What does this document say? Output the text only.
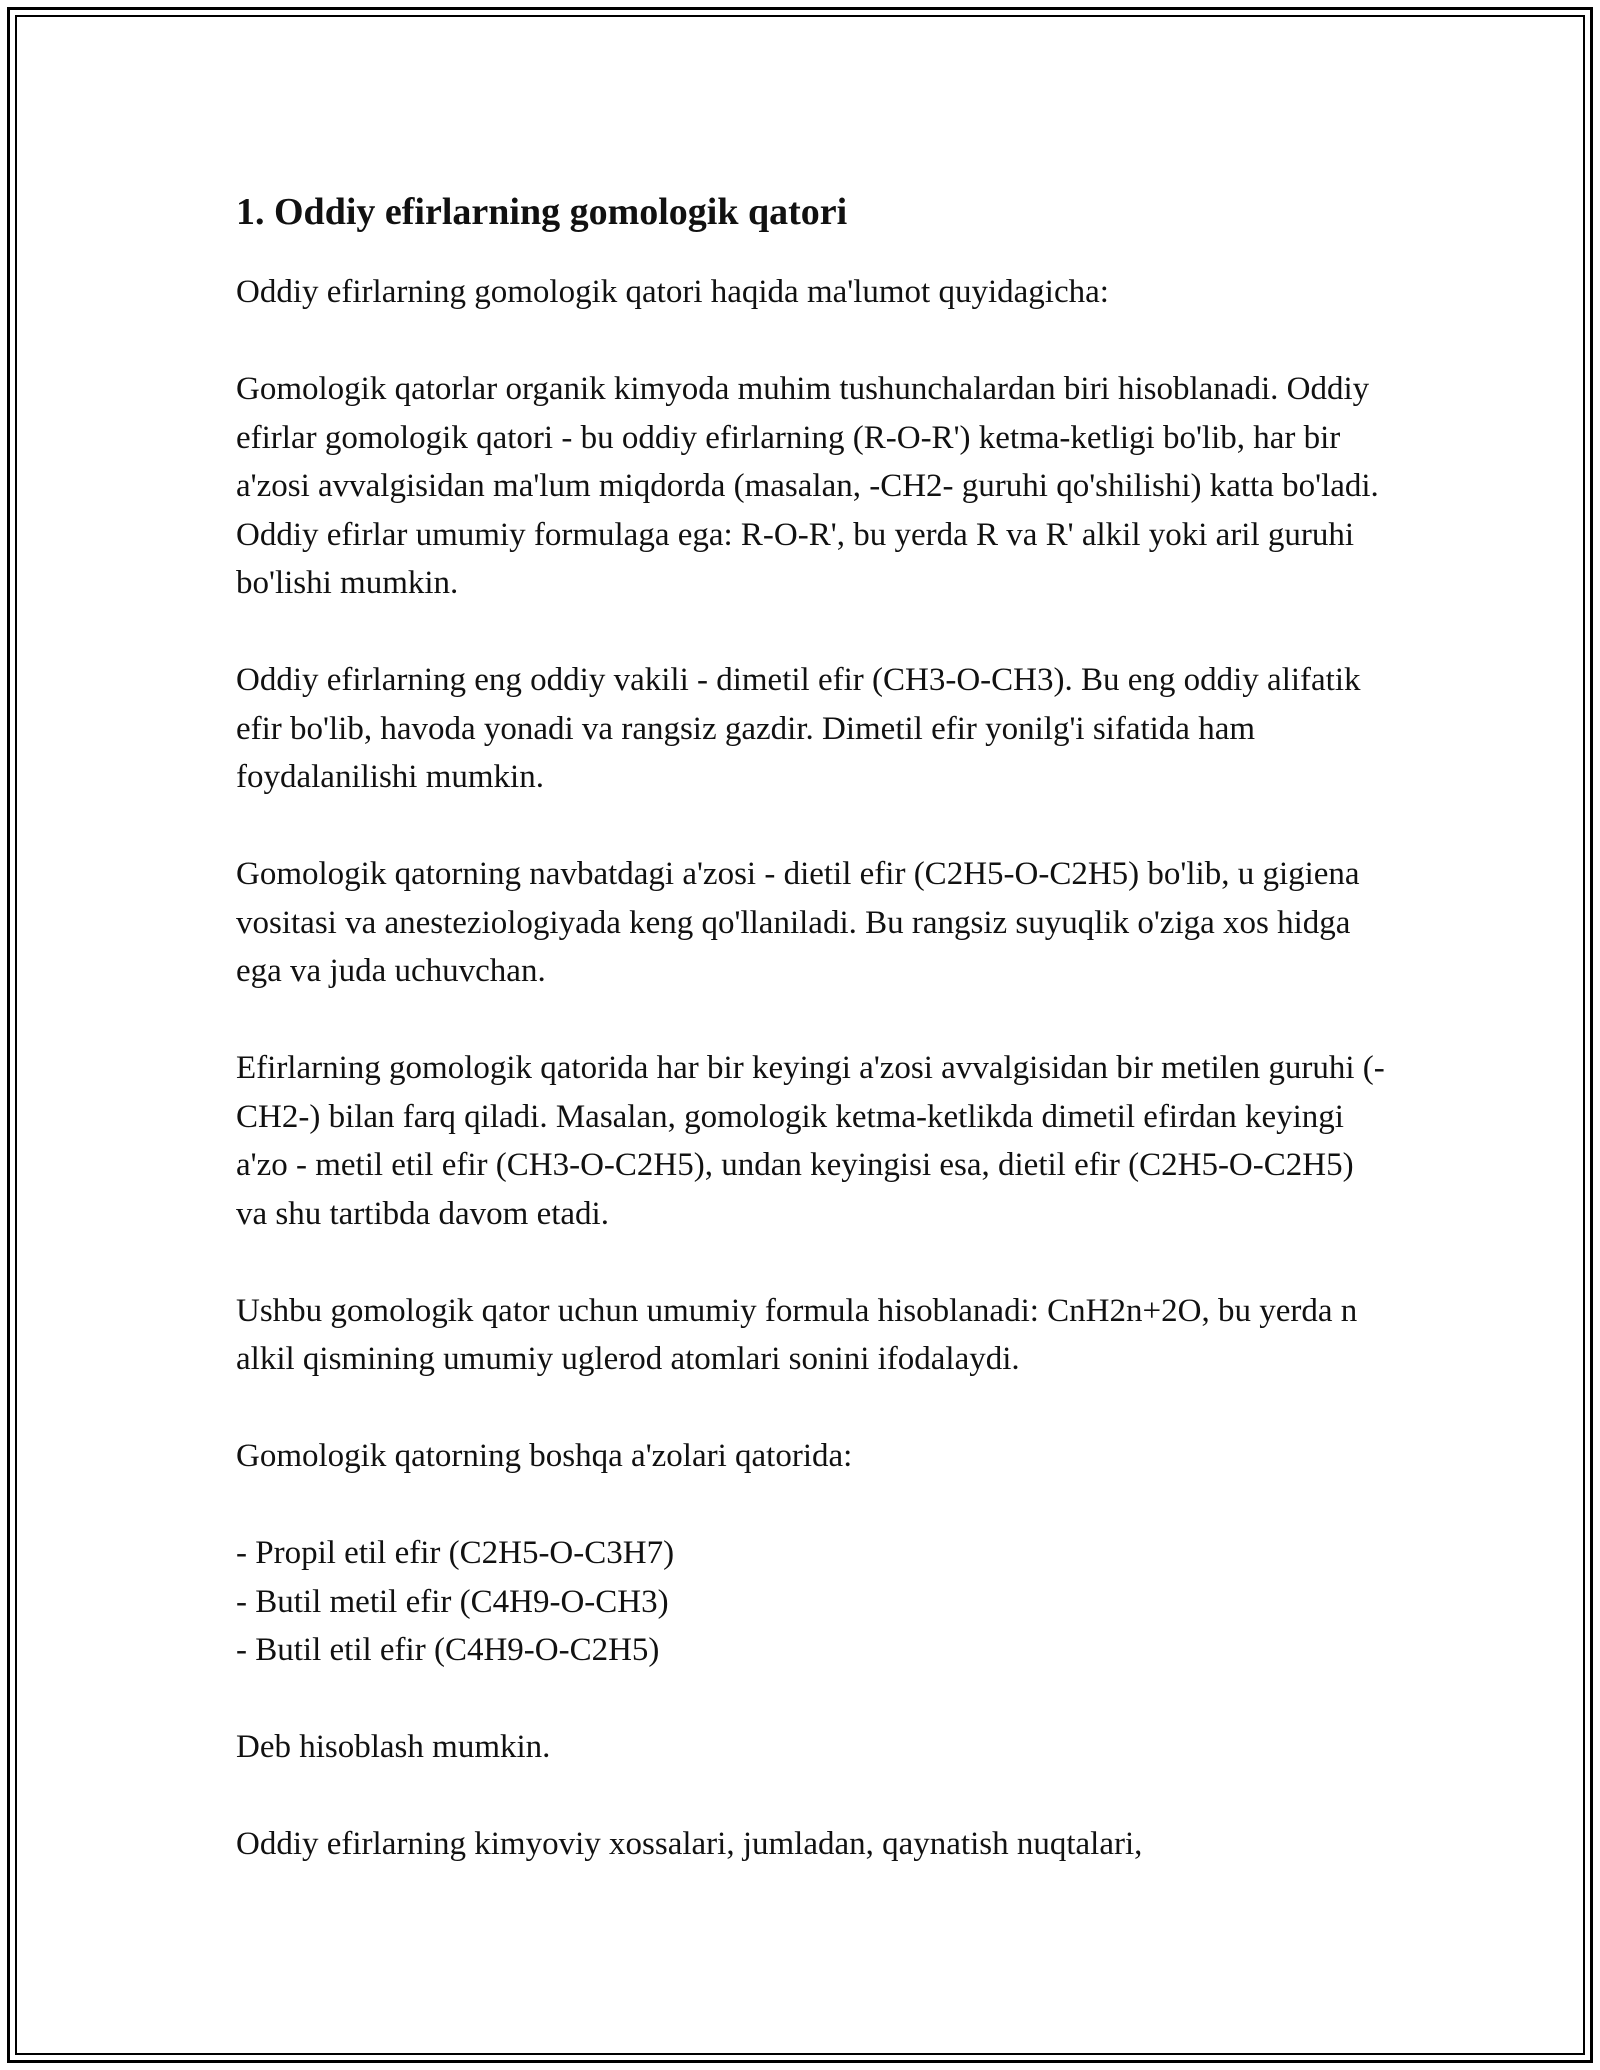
1. Oddiy efirlarning gomologik qatori

Oddiy efirlarning gomologik qatori haqida ma'lumot quyidagicha:

Gomologik qatorlar organik kimyoda muhim tushunchalardan biri hisoblanadi. Oddiy efirlar gomologik qatori - bu oddiy efirlarning (R-O-R') ketma-ketligi bo'lib, har bir a'zosi avvalgisidan ma'lum miqdorda (masalan, -CH2- guruhi qo'shilishi) katta bo'ladi. Oddiy efirlar umumiy formulaga ega: R-O-R', bu yerda R va R' alkil yoki aril guruhi bo'lishi mumkin.

Oddiy efirlarning eng oddiy vakili - dimetil efir (CH3-O-CH3). Bu eng oddiy alifatik efir bo'lib, havoda yonadi va rangsiz gazdir. Dimetil efir yonilg'i sifatida ham foydalanilishi mumkin.

Gomologik qatorning navbatdagi a'zosi - dietil efir (C2H5-O-C2H5) bo'lib, u gigiena vositasi va anesteziologiyada keng qo'llaniladi. Bu rangsiz suyuqlik o'ziga xos hidga ega va juda uchuvchan.

Efirlarning gomologik qatorida har bir keyingi a'zosi avvalgisidan bir metilen guruhi (-CH2-) bilan farq qiladi. Masalan, gomologik ketma-ketlikda dimetil efirdan keyingi a'zo - metil etil efir (CH3-O-C2H5), undan keyingisi esa, dietil efir (C2H5-O-C2H5) va shu tartibda davom etadi.

Ushbu gomologik qator uchun umumiy formula hisoblanadi: CnH2n+2O, bu yerda n alkil qismining umumiy uglerod atomlari sonini ifodalaydi.

Gomologik qatorning boshqa a'zolari qatorida:

- Propil etil efir (C2H5-O-C3H7)
- Butil metil efir (C4H9-O-CH3)
- Butil etil efir (C4H9-O-C2H5)

Deb hisoblash mumkin.

Oddiy efirlarning kimyoviy xossalari, jumladan, qaynatish nuqtalari,
